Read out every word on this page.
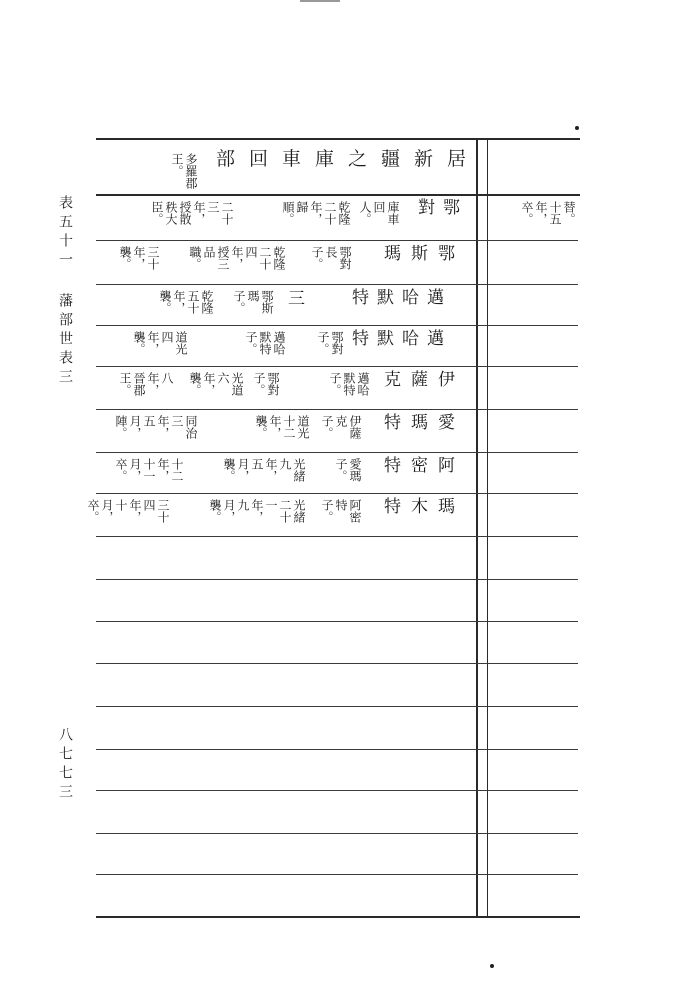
表五十一
藩部世表三
八七七三
居新疆之庫車回部
多羅郡王。
鄂對
庫車回人。
乾隆二十年，歸順。
二十三年，授散秩大臣。	替。十五年，卒。
鄂斯瑪
鄂對長子。
乾隆二十四年，授三品職。
三十年，襲。
邁哈默特
三
鄂斯瑪子。
乾隆五十年，襲。
邁哈默特
鄂對子。
邁哈默特子。
道光四年，襲。
伊薩克
邁哈默特子。
鄂對子。
光道六年，襲。
八年，晉郡王。
愛瑪特
伊薩克子。
道光十二年，襲。
同治三年，五月，陣。
阿密特
愛瑪子。
光緒九年，五月，襲。
十二年，十一月，卒。
瑪木特
阿密特子。
光緒二十一年，九月，襲。
三十四年，十月，卒。
